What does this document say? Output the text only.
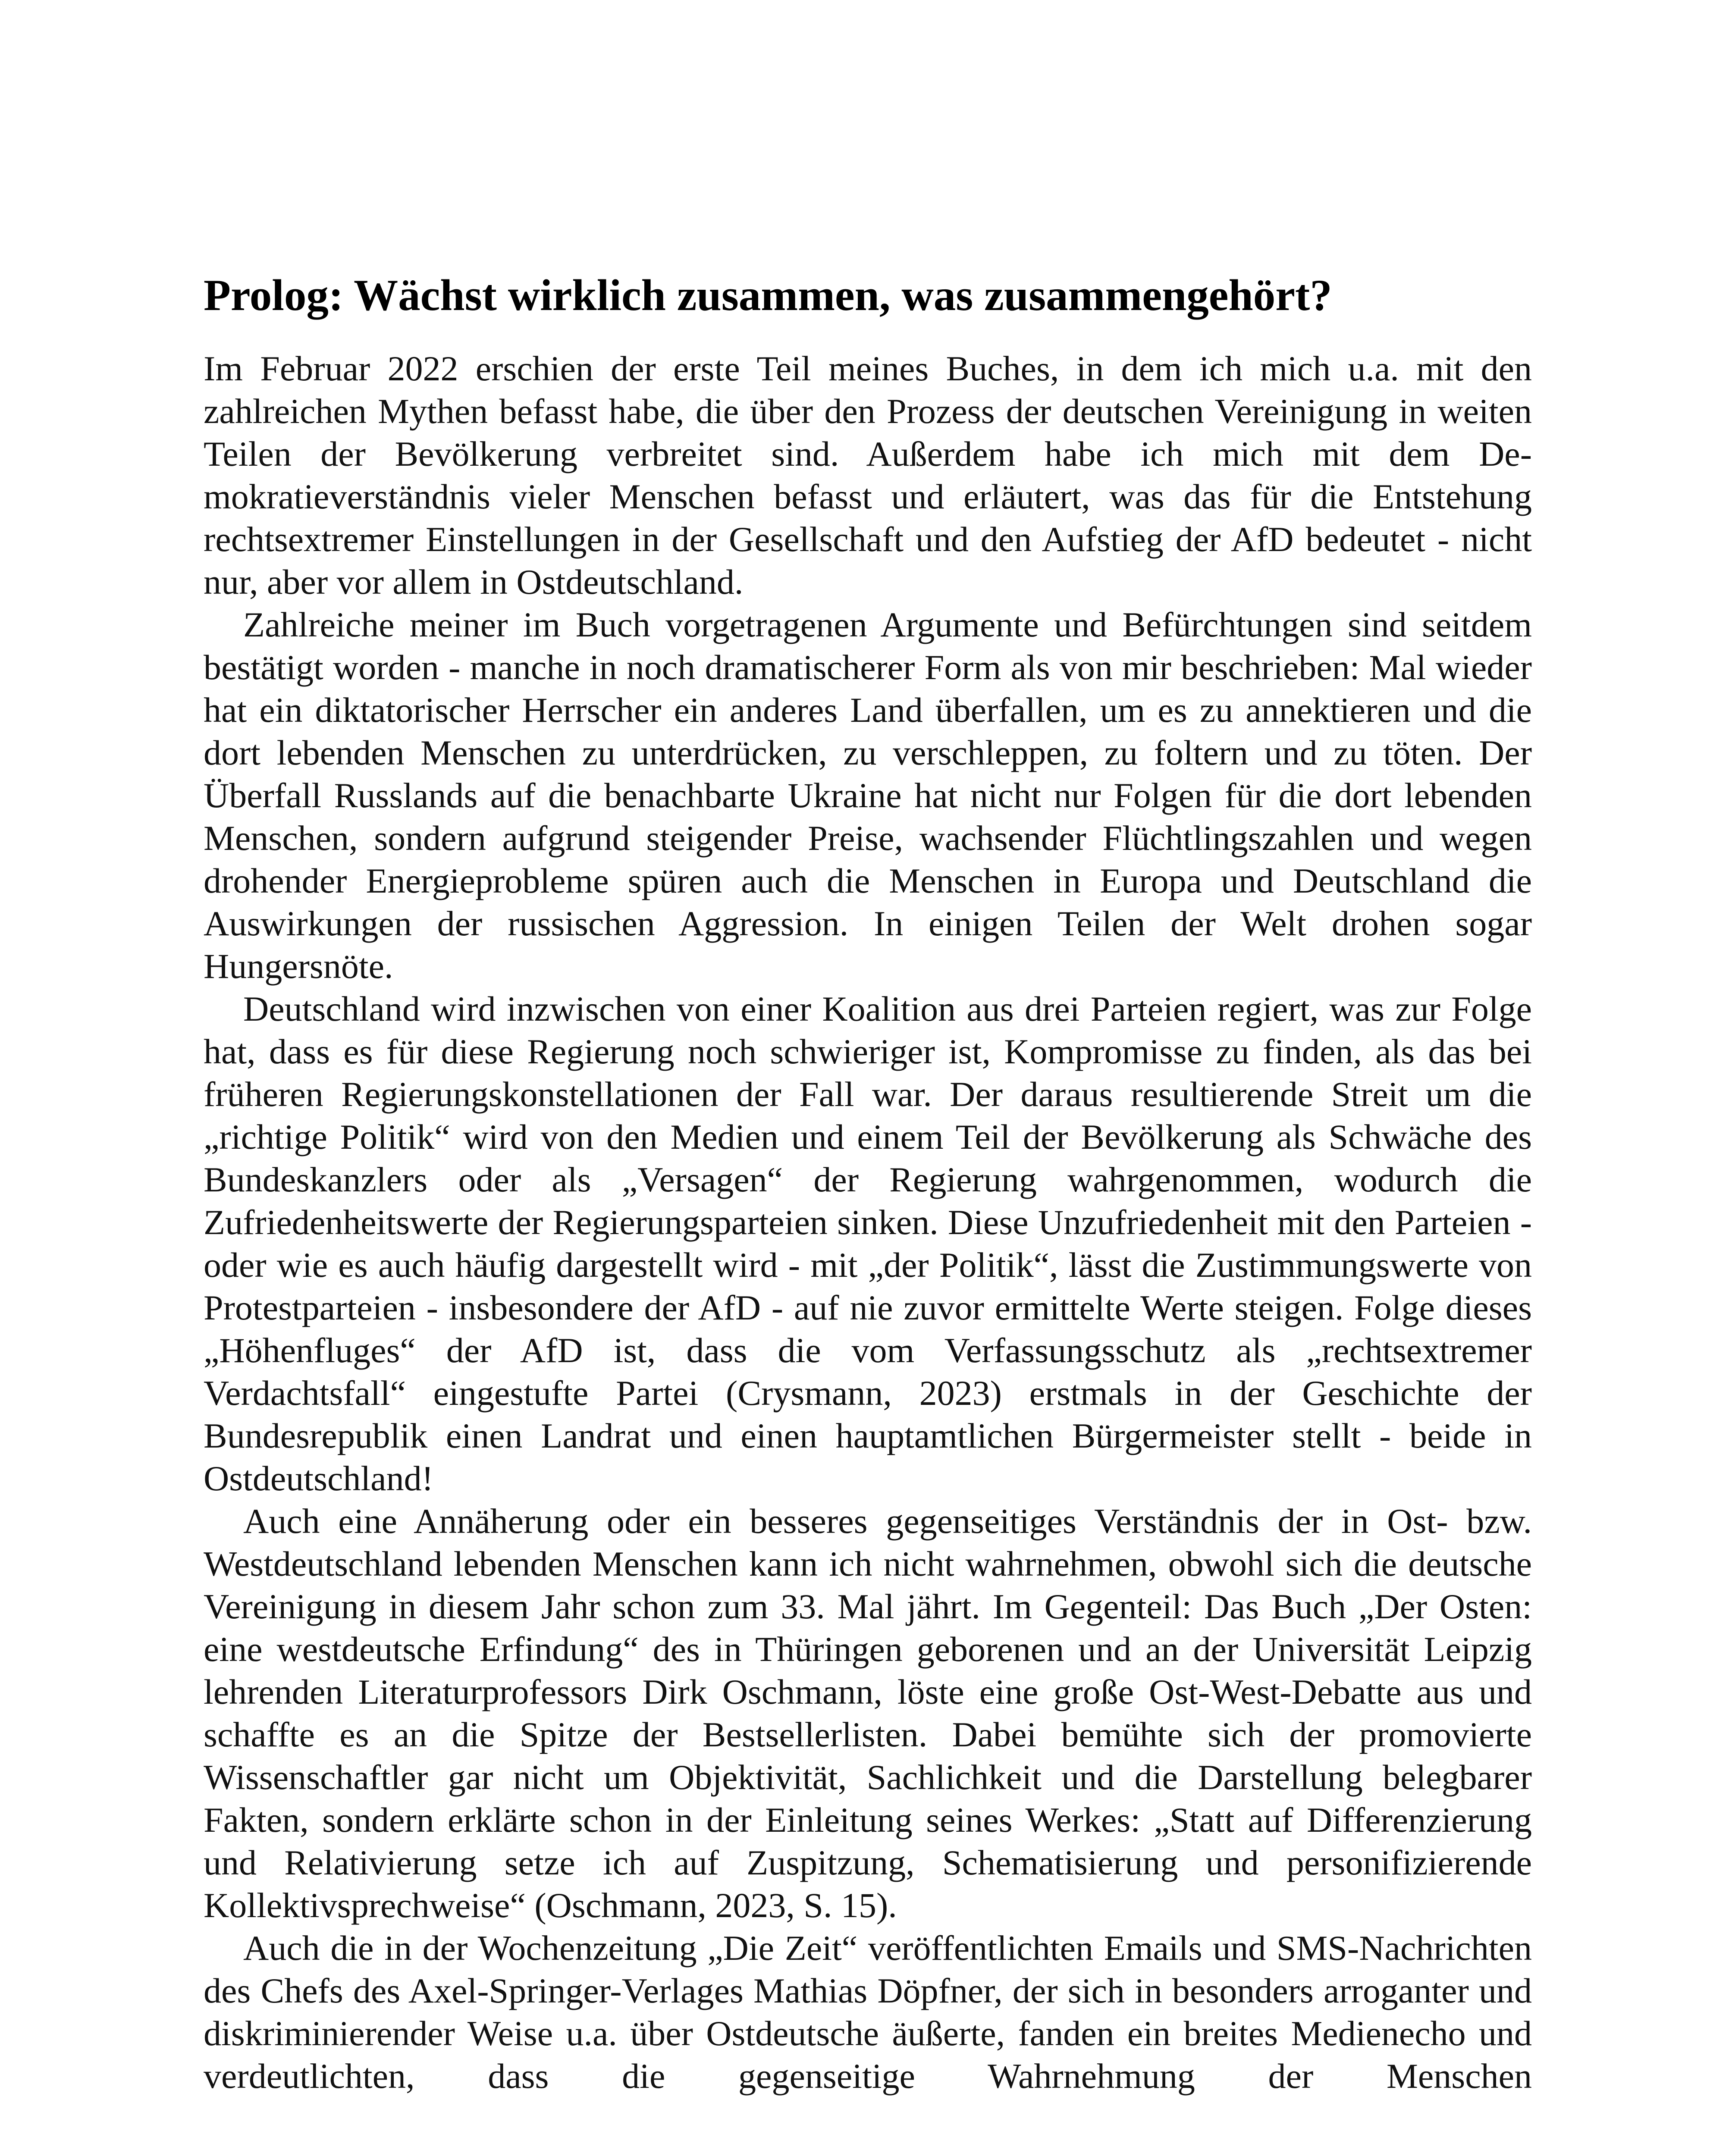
Prolog: Wächst wirklich zusammen, was zusammengehört?

Im Februar 2022 erschien der erste Teil meines Buches, in dem ich mich u.a. mit den zahlreichen Mythen befasst habe, die über den Prozess der deutschen Vereinigung in weiten Teilen der Bevölkerung verbreitet sind. Außerdem habe ich mich mit dem Demokratieverständnis vieler Menschen befasst und erläutert, was das für die Entstehung rechtsextremer Einstellungen in der Gesellschaft und den Aufstieg der AfD bedeutet - nicht nur, aber vor allem in Ostdeutschland.

Zahlreiche meiner im Buch vorgetragenen Argumente und Befürchtungen sind seitdem bestätigt worden - manche in noch dramatischerer Form als von mir beschrieben: Mal wieder hat ein diktatorischer Herrscher ein anderes Land überfallen, um es zu annektieren und die dort lebenden Menschen zu unterdrücken, zu verschleppen, zu foltern und zu töten. Der Überfall Russlands auf die benachbarte Ukraine hat nicht nur Folgen für die dort lebenden Menschen, sondern aufgrund steigender Preise, wachsender Flüchtlingszahlen und wegen drohender Energieprobleme spüren auch die Menschen in Europa und Deutschland die Auswirkungen der russischen Aggression. In einigen Teilen der Welt drohen sogar Hungersnöte.

Deutschland wird inzwischen von einer Koalition aus drei Parteien regiert, was zur Folge hat, dass es für diese Regierung noch schwieriger ist, Kompromisse zu finden, als das bei früheren Regierungskonstellationen der Fall war. Der daraus resultierende Streit um die „richtige Politik“ wird von den Medien und einem Teil der Bevölkerung als Schwäche des Bundeskanzlers oder als „Versagen“ der Regierung wahrgenommen, wodurch die Zufriedenheitswerte der Regierungsparteien sinken. Diese Unzufriedenheit mit den Parteien - oder wie es auch häufig dargestellt wird - mit „der Politik“, lässt die Zustimmungswerte von Protestparteien - insbesondere der AfD - auf nie zuvor ermittelte Werte steigen. Folge dieses „Höhenfluges“ der AfD ist, dass die vom Verfassungsschutz als „rechtsextremer Verdachtsfall“ eingestufte Partei (Crysmann, 2023) erstmals in der Geschichte der Bundesrepublik einen Landrat und einen hauptamtlichen Bürgermeister stellt - beide in Ostdeutschland!

Auch eine Annäherung oder ein besseres gegenseitiges Verständnis der in Ost- bzw. Westdeutschland lebenden Menschen kann ich nicht wahrnehmen, obwohl sich die deutsche Vereinigung in diesem Jahr schon zum 33. Mal jährt. Im Gegenteil: Das Buch „Der Osten: eine westdeutsche Erfindung“ des in Thüringen geborenen und an der Universität Leipzig lehrenden Literaturprofessors Dirk Oschmann, löste eine große Ost-West-Debatte aus und schaffte es an die Spitze der Bestsellerlisten. Dabei bemühte sich der promovierte Wissenschaftler gar nicht um Objektivität, Sachlichkeit und die Darstellung belegbarer Fakten, sondern erklärte schon in der Einleitung seines Werkes: „Statt auf Differenzierung und Relativierung setze ich auf Zuspitzung, Schematisierung und personifizierende Kollektivsprechweise“ (Oschmann, 2023, S. 15).

Auch die in der Wochenzeitung „Die Zeit“ veröffentlichten Emails und SMS-Nachrichten des Chefs des Axel-Springer-Verlages Mathias Döpfner, der sich in besonders arroganter und diskriminierender Weise u.a. über Ostdeutsche äußerte, fanden ein breites Medienecho und verdeutlichten, dass die gegenseitige Wahrnehmung der Menschen
